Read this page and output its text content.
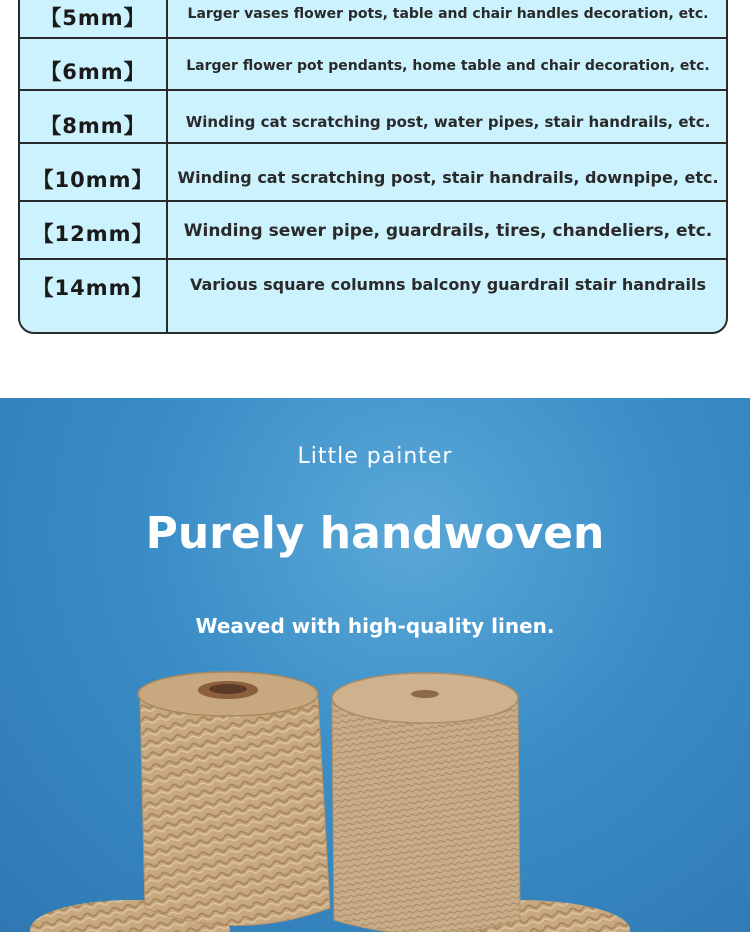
【5mm】	Larger vases flower pots, table and chair handles decoration, etc.
【6mm】	Larger flower pot pendants, home table and chair decoration, etc.
【8mm】	Winding cat scratching post, water pipes, stair handrails, etc.
【10mm】	Winding cat scratching post, stair handrails, downpipe, etc.
【12mm】	Winding sewer pipe, guardrails, tires, chandeliers, etc.
【14mm】	Various square columns balcony guardrail stair handrails
Little painter
Purely handwoven
Weaved with high-quality linen.
